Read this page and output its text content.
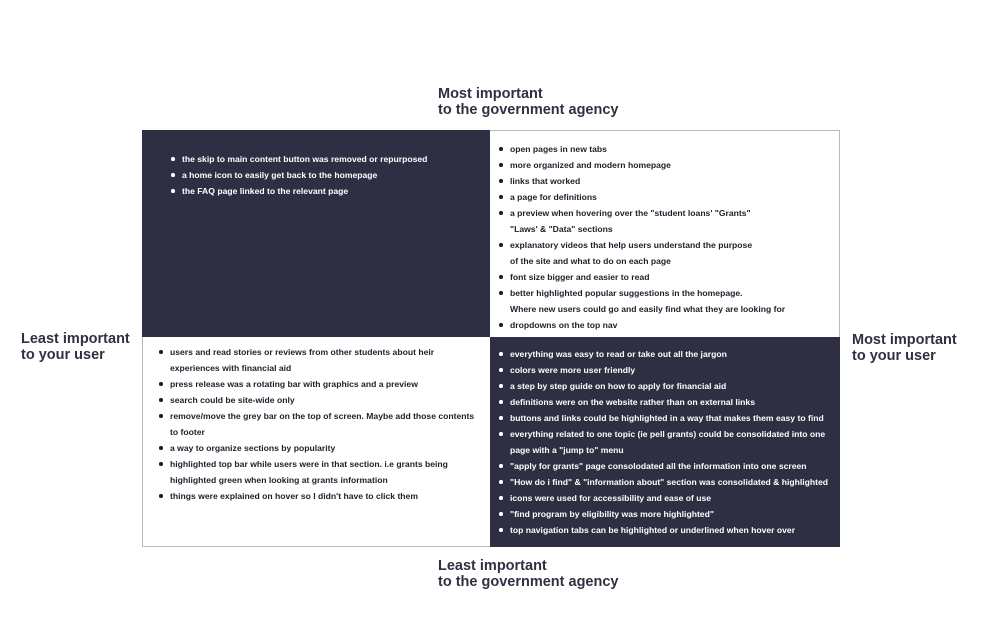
Most important
to the government agency
Least important
to your user
Most important
to your user
Least important
to the government agency
the skip to main content button was removed or repurposed
a home icon to easily get back to the homepage
the FAQ page linked to the relevant page
open pages in new tabs
more organized and modern homepage
links that worked
a page for definitions
a preview when hovering over the "student loans' "Grants"
"Laws' & "Data" sections
explanatory videos that help users understand the purpose
of the site and what to do on each page
font size bigger and easier to read
better highlighted popular suggestions in the homepage.
Where new users could go and easily find what they are looking for
dropdowns on the top nav
users and read stories or reviews from other students about heir
experiences with financial aid
press release was a rotating bar with graphics and a preview
search could be site-wide only
remove/move the grey bar on the top of screen. Maybe add those contents
to footer
a way to organize sections by popularity
highlighted top bar while users were in that section. i.e grants being
highlighted green when looking at grants information
things were explained on hover so I didn't have to click them
everything was easy to read or take out all the jargon
colors were more user friendly
a step by step guide on how to apply for financial aid
definitions were on the website rather than on external links
buttons and links could be highlighted in a way that makes them easy to find
everything related to one topic (ie pell grants) could be consolidated into one
page with a "jump to" menu
"apply for grants" page consolodated all the information into one screen
"How do i find" & "information about" section was consolidated & highlighted
icons were used for accessibility and ease of use
"find program by eligibility was more highlighted"
top navigation tabs can be highlighted or underlined when hover over
